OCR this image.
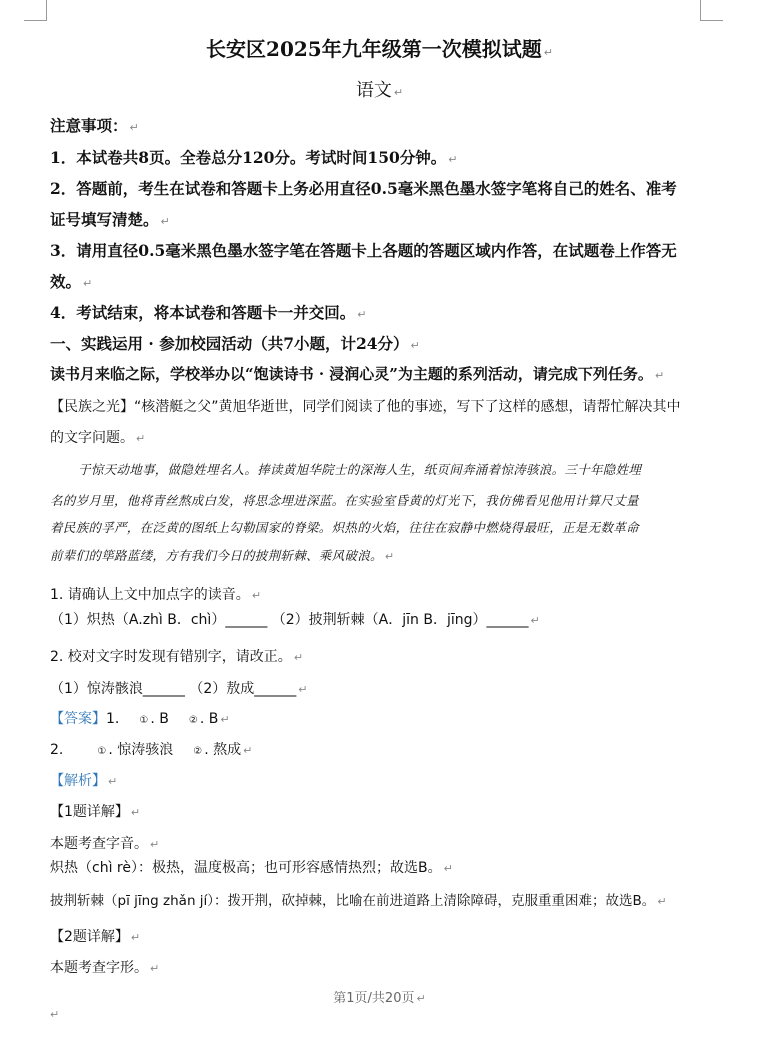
长安区2025年九年级第一次模拟试题 ↵
语文 ↵
注意事项： ↵
1．本试卷共8页。全卷总分120分。考试时间150分钟。 ↵
2．答题前，考生在试卷和答题卡上务必用直径0.5毫米黑色墨水签字笔将自己的姓名、准考
证号填写清楚。 ↵
3．请用直径0.5毫米黑色墨水签字笔在答题卡上各题的答题区域内作答，在试题卷上作答无
效。 ↵
4．考试结束，将本试卷和答题卡一并交回。 ↵
一、实践运用 · 参加校园活动（共7小题，计24分） ↵
读书月来临之际，学校举办以“饱读诗书 · 浸润心灵”为主题的系列活动，请完成下列任务。 ↵
【民族之光】“核潜艇之父”黄旭华逝世，同学们阅读了他的事迹，写下了这样的感想，请帮忙解决其中
的文字问题。 ↵
于惊天动地事，做隐姓埋名人。捧读黄旭华院士的深海人生，纸页间奔涌着惊涛骇浪。三十年隐姓埋
名的岁月里，他将青丝熬成白发，将思念埋进深蓝。在实验室昏黄的灯光下，我仿佛看见他用计算尺丈量
着民族的孚严，在泛黄的图纸上勾勒国家的脊梁。炽热的火焰，往往在寂静中燃烧得最旺，正是无数革命
前辈们的筚路蓝缕，方有我们今日的披荆斩棘、乘风破浪。 ↵
1. 请确认上文中加点字的读音。 ↵
（1）炽热（A.zhì B．chì）______ （2）披荆斩棘（A．jīn B．jīng）______ ↵
2. 校对文字时发现有错别字，请改正。 ↵
（1）惊涛骸浪______ （2）敖成______ ↵
【答案】1. ① . B ② . B ↵
2.	① . 惊涛骇浪 ② . 熬成 ↵
【解析】 ↵
【1题详解】 ↵
本题考查字音。 ↵
炽热（chì rè）：极热，温度极高；也可形容感情热烈；故选B。 ↵
披荆斩棘（pī jīng zhǎn jí）：拨开荆，砍掉棘，比喻在前进道路上清除障碍，克服重重困难；故选B。 ↵
【2题详解】 ↵
本题考查字形。 ↵
第1页/共20页 ↵
↵
